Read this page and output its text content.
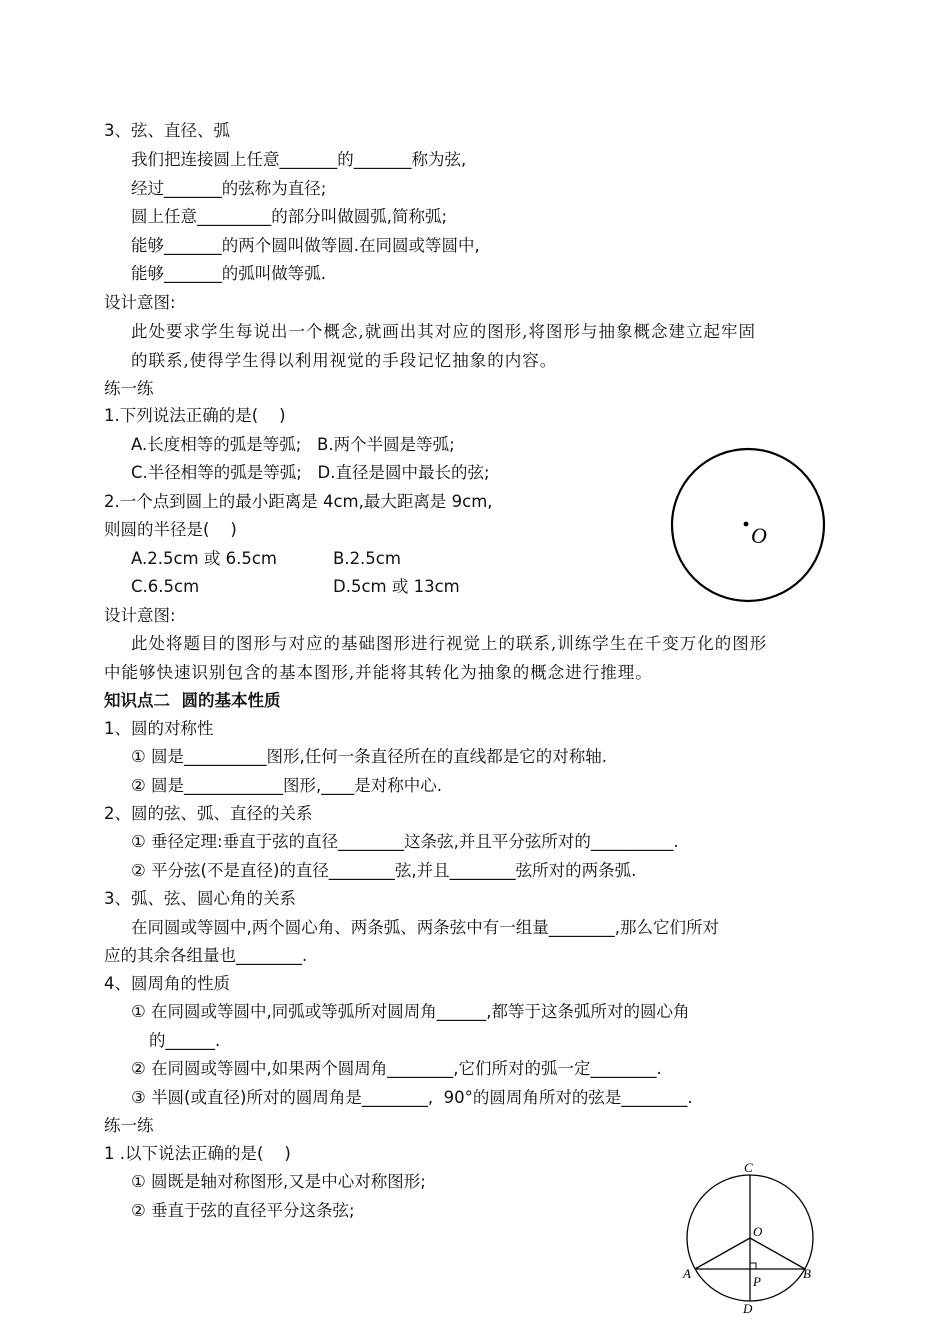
3、弦、直径、弧
我们把连接圆上任意_______的_______称为弦,
经过_______的弦称为直径;
圆上任意_________的部分叫做圆弧,简称弧;
能够_______的两个圆叫做等圆.在同圆或等圆中,
能够_______的弧叫做等弧.
设计意图:
此处要求学生每说出一个概念,就画出其对应的图形,将图形与抽象概念建立起牢固
的联系,使得学生得以利用视觉的手段记忆抽象的内容。
练一练
1.下列说法正确的是(    )
A.长度相等的弧是等弧;   B.两个半圆是等弧;
C.半径相等的弧是等弧;   D.直径是圆中最长的弦;
2.一个点到圆上的最小距离是 4cm,最大距离是 9cm,
则圆的半径是(    )
A.2.5cm 或 6.5cm	B.2.5cm
C.6.5cm	D.5cm 或 13cm
O
设计意图:
此处将题目的图形与对应的基础图形进行视觉上的联系,训练学生在千变万化的图形
中能够快速识别包含的基本图形,并能将其转化为抽象的概念进行推理。
知识点二  圆的基本性质
1、圆的对称性
① 圆是__________图形,任何一条直径所在的直线都是它的对称轴.
② 圆是____________图形,____是对称中心.
2、圆的弦、弧、直径的关系
① 垂径定理:垂直于弦的直径________这条弦,并且平分弦所对的__________.
② 平分弦(不是直径)的直径________弦,并且________弦所对的两条弧.
3、弧、弦、圆心角的关系
在同圆或等圆中,两个圆心角、两条弧、两条弦中有一组量________,那么它们所对
应的其余各组量也________.
4、圆周角的性质
① 在同圆或等圆中,同弧或等弧所对圆周角______,都等于这条弧所对的圆心角
的______.
② 在同圆或等圆中,如果两个圆周角________,它们所对的弧一定________.
③ 半圆(或直径)所对的圆周角是________,  90°的圆周角所对的弦是________.
练一练
1 .以下说法正确的是(    )
① 圆既是轴对称图形,又是中心对称图形;
② 垂直于弦的直径平分这条弦;
C
O
A	B
P
D
